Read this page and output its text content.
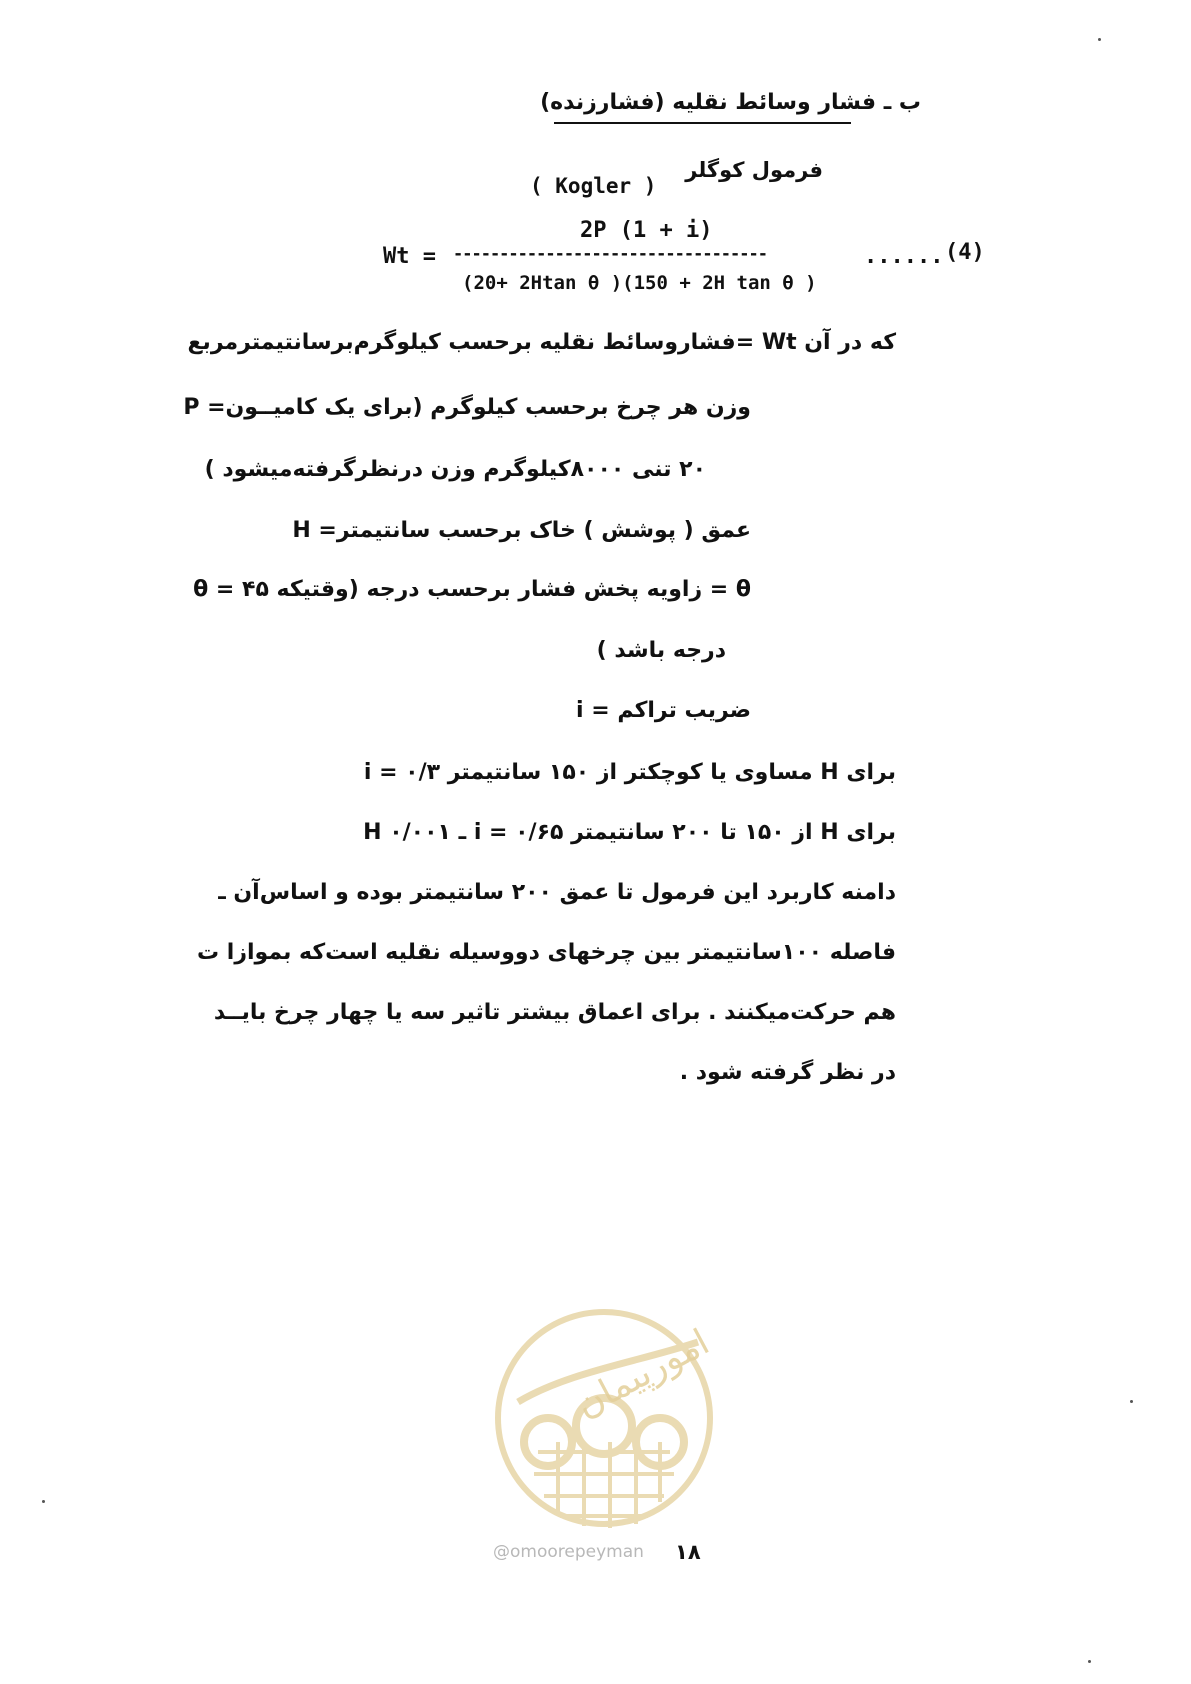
ب ـ فشار وسائط نقلیه (فشارزنده)
فرمول کوگلر
( Kogler )
2P (1 + i)
Wt = ----------------------------------	...... (4)
(20+ 2Htan θ )(150 + 2H tan θ )
که در آن Wt =فشاروسائط نقلیه برحسب کیلوگرم‌برسانتیمترمربع
P =وزن هر چرخ برحسب کیلوگرم (برای یک کامیــون
۲۰ تنی ۸۰۰۰کیلوگرم وزن درنظرگرفته‌میشود )
H =عمق ( پوشش ) خاک برحسب سانتیمتر
θ = زاویه پخش فشار برحسب درجه (وقتیکه ۴۵ = θ
درجه باشد )
i = ضریب تراکم
برای H مساوی یا کوچکتر از ۱۵۰ سانتیمتر ۰/۳ = i
برای H از ۱۵۰ تا ۲۰۰ سانتیمتر i = ۰/۶۵ ـ ۰/۰۰۱ H
دامنه کاربرد این فرمول تا عمق ۲۰۰ سانتیمتر بوده و اساس‌آن ـ
فاصله ۱۰۰سانتیمتر بین چرخهای دووسیله نقلیه است‌که بموازا ت
هم حرکت‌میکنند . برای اعماق بیشتر تاثیر سه یا چهار چرخ بایــد
در نظر گرفته شود .
امورپیمان
@omoorepeyman ۱۸
